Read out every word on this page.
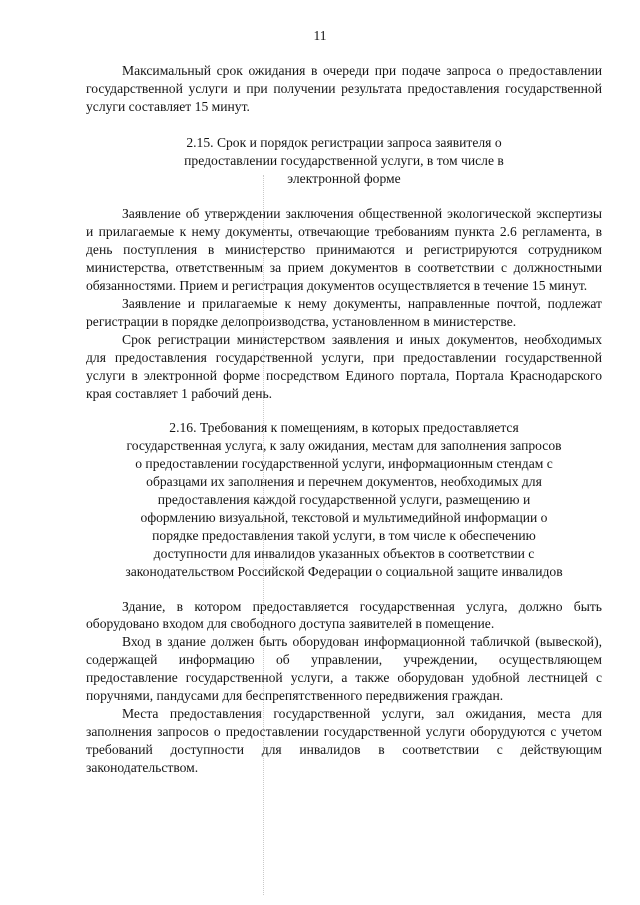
11

Максимальный срок ожидания в очереди при подаче запроса о предоставлении государственной услуги и при получении результата предоставления государственной услуги составляет 15 минут.

2.15. Срок и порядок регистрации запроса заявителя о предоставлении государственной услуги, в том числе в электронной форме

Заявление об утверждении заключения общественной экологической экспертизы и прилагаемые к нему документы, отвечающие требованиям пункта 2.6 регламента, в день поступления в министерство принимаются и регистрируются сотрудником министерства, ответственным за прием документов в соответствии с должностными обязанностями. Прием и регистрация документов осуществляется в течение 15 минут.

Заявление и прилагаемые к нему документы, направленные почтой, подлежат регистрации в порядке делопроизводства, установленном в министерстве.

Срок регистрации министерством заявления и иных документов, необходимых для предоставления государственной услуги, при предоставлении государственной услуги в электронной форме посредством Единого портала, Портала Краснодарского края составляет 1 рабочий день.

2.16. Требования к помещениям, в которых предоставляется государственная услуга, к залу ожидания, местам для заполнения запросов о предоставлении государственной услуги, информационным стендам с образцами их заполнения и перечнем документов, необходимых для предоставления каждой государственной услуги, размещению и оформлению визуальной, текстовой и мультимедийной информации о порядке предоставления такой услуги, в том числе к обеспечению доступности для инвалидов указанных объектов в соответствии с законодательством Российской Федерации о социальной защите инвалидов

Здание, в котором предоставляется государственная услуга, должно быть оборудовано входом для свободного доступа заявителей в помещение.

Вход в здание должен быть оборудован информационной табличкой (вывеской), содержащей информацию об управлении, учреждении, осуществляющем предоставление государственной услуги, а также оборудован удобной лестницей с поручнями, пандусами для беспрепятственного передвижения граждан.

Места предоставления государственной услуги, зал ожидания, места для заполнения запросов о предоставлении государственной услуги оборудуются с учетом требований доступности для инвалидов в соответствии с действующим законодательством.
